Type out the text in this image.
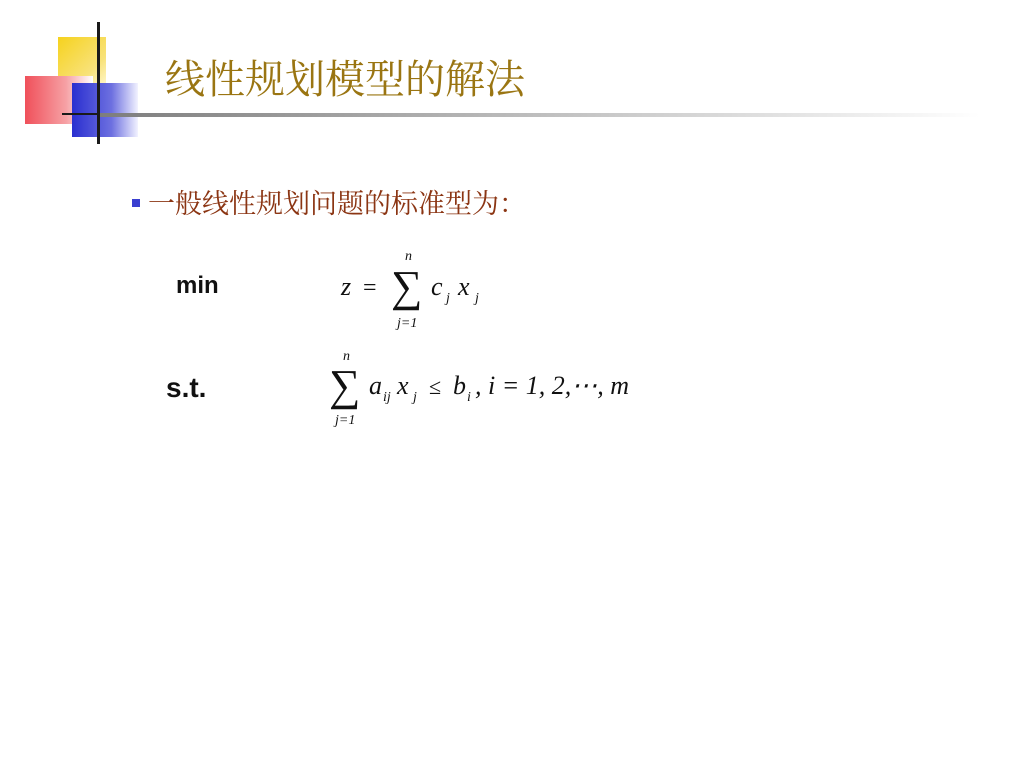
线性规划模型的解法
一般线性规划问题的标准型为：
min
s.t.
z = ∑
n
j=1
c j x j
∑
n
j=1
a ij x j ≤ b i , i = 1, 2,⋯, m
